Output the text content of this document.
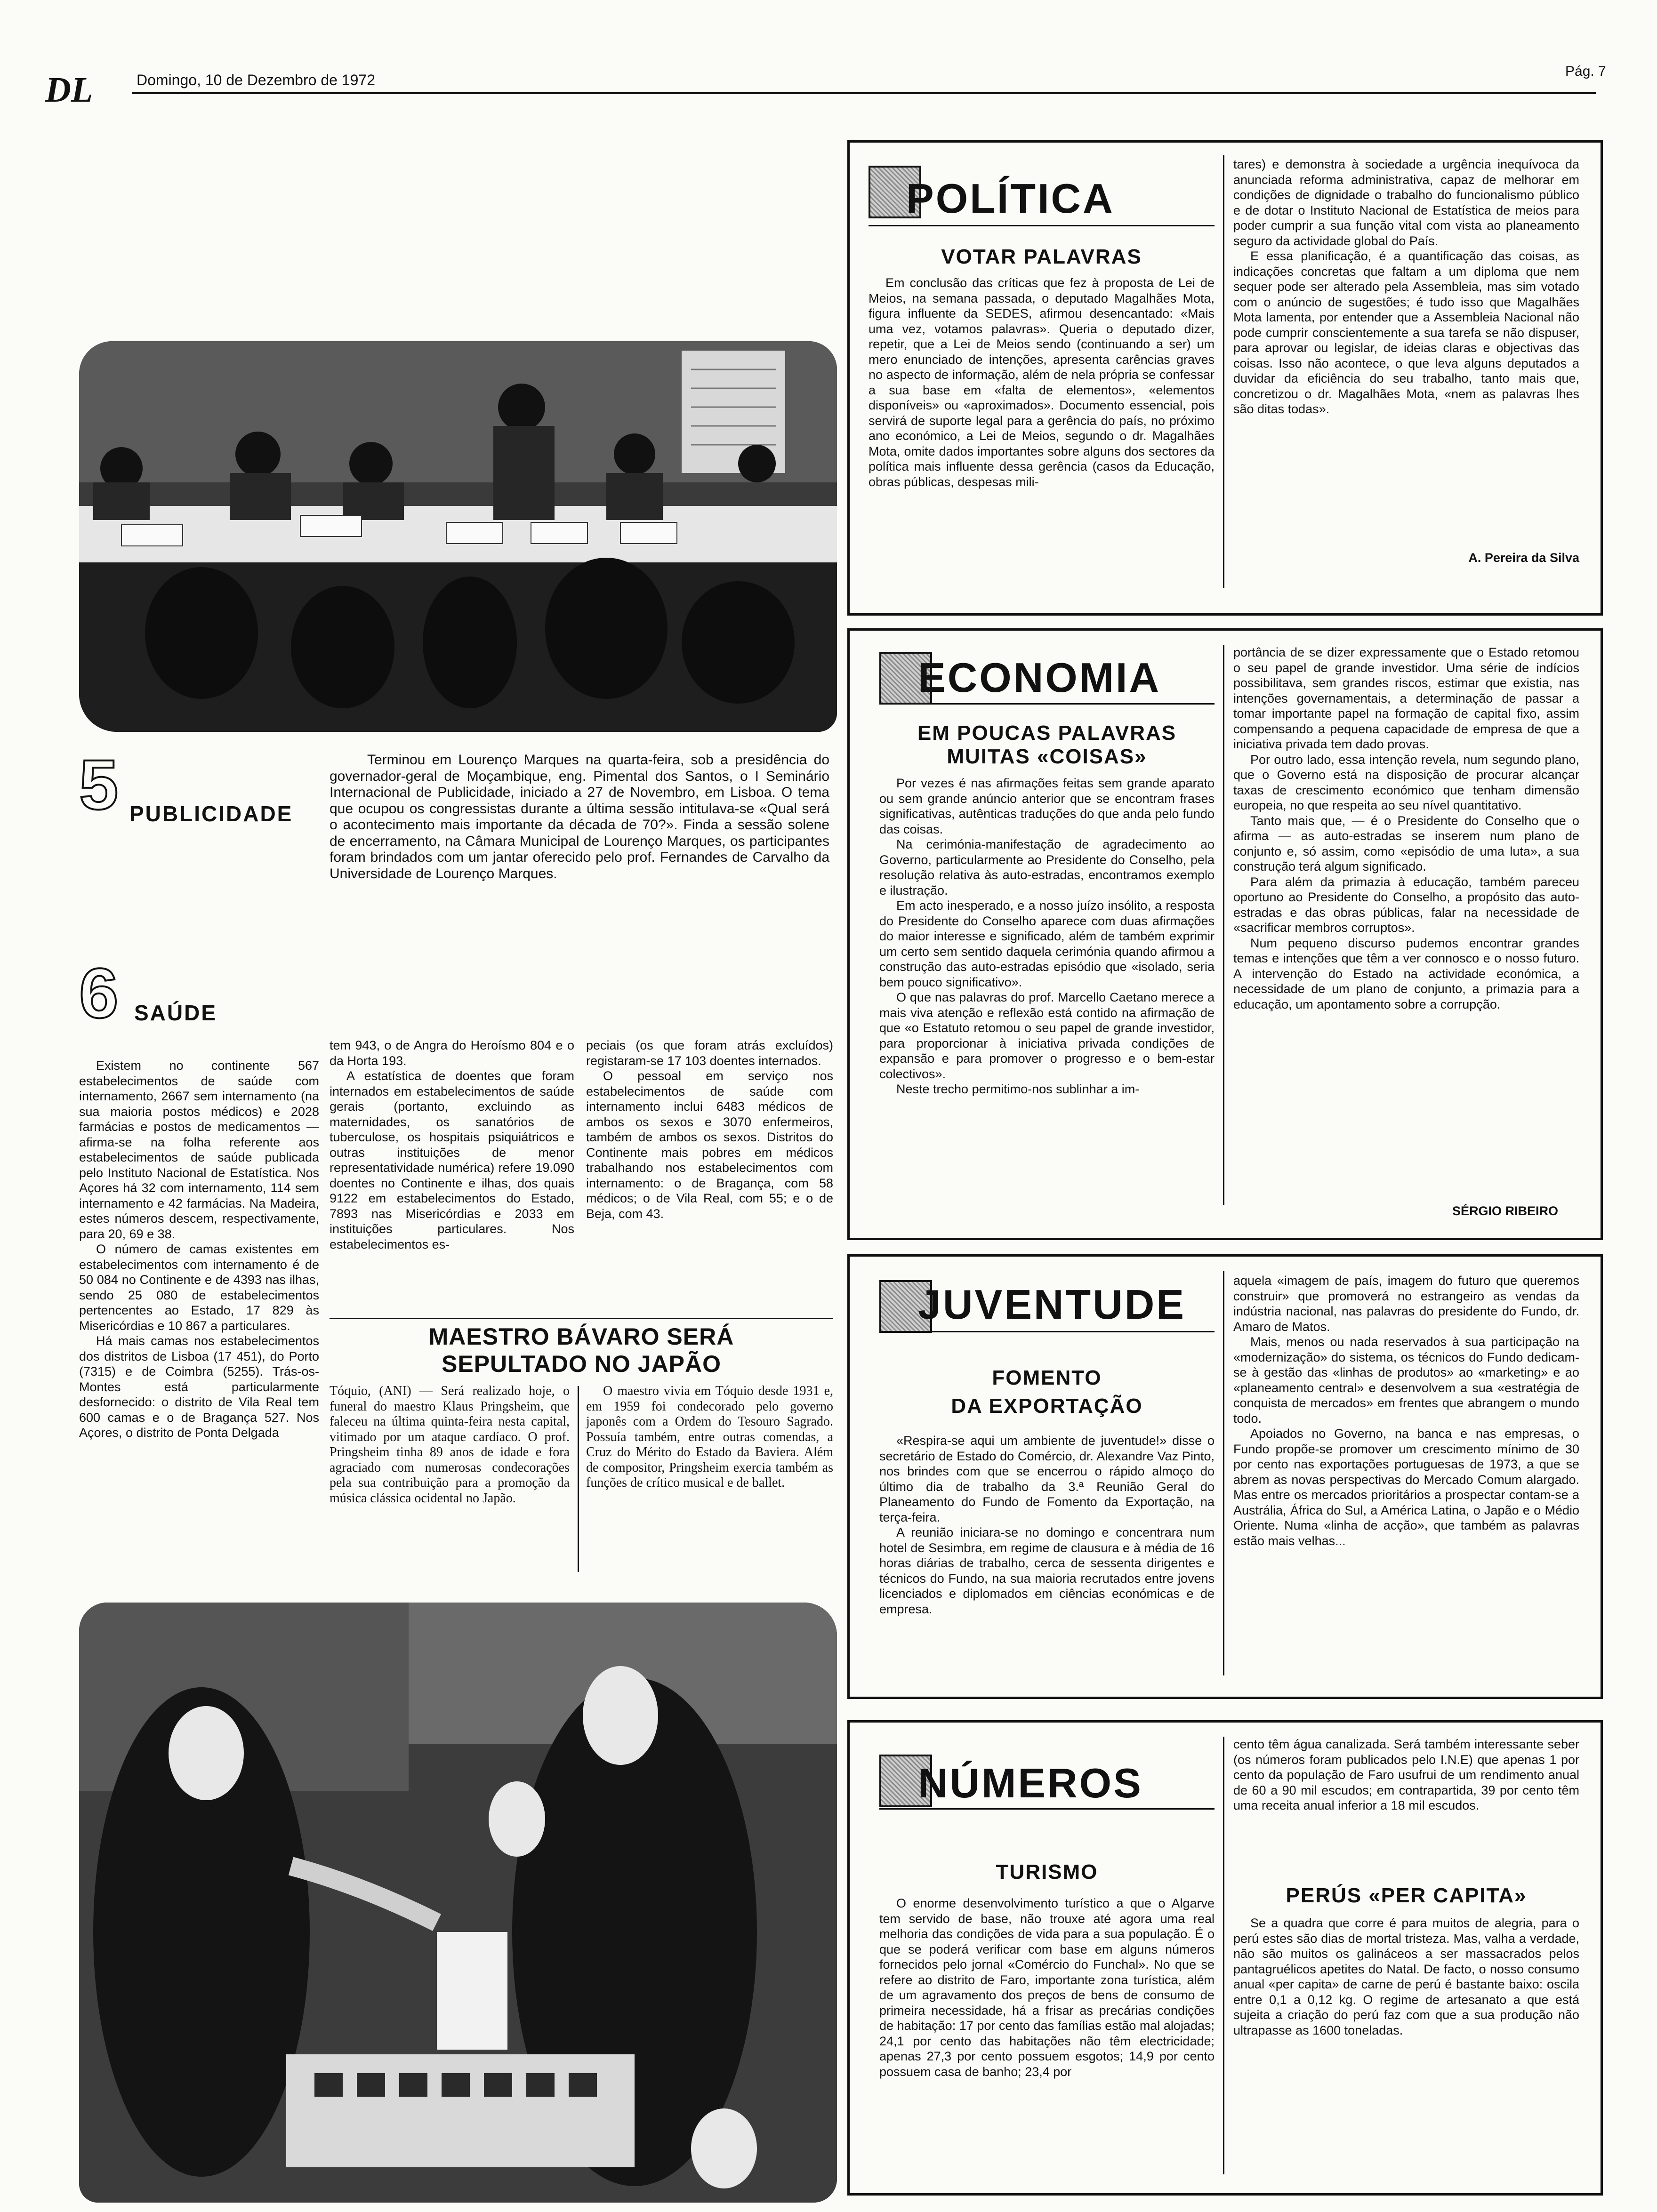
DL	Domingo, 10 de Dezembro de 1972
Pág. 7
5 PUBLICIDADE

Terminou em Lourenço Marques na quarta-feira, sob a presidência do governador-geral de Moçambique, eng. Pimental dos Santos, o I Seminário Internacional de Publicidade, iniciado a 27 de Novembro, em Lisboa. O tema que ocupou os congressistas durante a última sessão intitulava-se «Qual será o acontecimento mais importante da década de 70?». Finda a sessão solene de encerramento, na Câmara Municipal de Lourenço Marques, os participantes foram brindados com um jantar oferecido pelo prof. Fernandes de Carvalho da Universidade de Lourenço Marques.

6 SAÚDE

Existem no continente 567 estabelecimentos de saúde com internamento, 2667 sem internamento (na sua maioria postos médicos) e 2028 farmácias e postos de medicamentos — afirma-se na folha referente aos estabelecimentos de saúde publicada pelo Instituto Nacional de Estatística. Nos Açores há 32 com internamento, 114 sem internamento e 42 farmácias. Na Madeira, estes números descem, respectivamente, para 20, 69 e 38.

O número de camas existentes em estabelecimentos com internamento é de 50 084 no Continente e de 4393 nas ilhas, sendo 25 080 de estabelecimentos pertencentes ao Estado, 17 829 às Misericórdias e 10 867 a particulares.

Há mais camas nos estabelecimentos dos distritos de Lisboa (17 451), do Porto (7315) e de Coimbra (5255). Trás-os-Montes está particularmente desfornecido: o distrito de Vila Real tem 600 camas e o de Bragança 527. Nos Açores, o distrito de Ponta Delgada

tem 943, o de Angra do Heroísmo 804 e o da Horta 193.

A estatística de doentes que foram internados em estabelecimentos de saúde gerais (portanto, excluindo as maternidades, os sanatórios de tuberculose, os hospitais psiquiátricos e outras instituições de menor representatividade numérica) refere 19.090 doentes no Continente e ilhas, dos quais 9122 em estabelecimentos do Estado, 7893 nas Misericórdias e 2033 em instituições particulares. Nos estabelecimentos es-

peciais (os que foram atrás excluídos) registaram-se 17 103 doentes internados.

O pessoal em serviço nos estabelecimentos de saúde com internamento inclui 6483 médicos de ambos os sexos e 3070 enfermeiros, também de ambos os sexos. Distritos do Continente mais pobres em médicos trabalhando nos estabelecimentos com internamento: o de Bragança, com 58 médicos; o de Vila Real, com 55; e o de Beja, com 43.

MAESTRO BÁVARO SERÁ
SEPULTADO NO JAPÃO

Tóquio, (ANI) — Será realizado hoje, o funeral do maestro Klaus Pringsheim, que faleceu na última quinta-feira nesta capital, vitimado por um ataque cardíaco. O prof. Pringsheim tinha 89 anos de idade e fora agraciado com numerosas condecorações pela sua contribuição para a promoção da música clássica ocidental no Japão.

O maestro vivia em Tóquio desde 1931 e, em 1959 foi condecorado pelo governo japonês com a Ordem do Tesouro Sagrado. Possuía também, entre outras comendas, a Cruz do Mérito do Estado da Baviera. Além de compositor, Pringsheim exercia também as funções de crítico musical e de ballet.

POLÍTICA
VOTAR PALAVRAS

Em conclusão das críticas que fez à proposta de Lei de Meios, na semana passada, o deputado Magalhães Mota, figura influente da SEDES, afirmou desencantado: «Mais uma vez, votamos palavras». Queria o deputado dizer, repetir, que a Lei de Meios sendo (continuando a ser) um mero enunciado de intenções, apresenta carências graves no aspecto de informação, além de nela própria se confessar a sua base em «falta de elementos», «elementos disponíveis» ou «aproximados». Documento essencial, pois servirá de suporte legal para a gerência do país, no próximo ano económico, a Lei de Meios, segundo o dr. Magalhães Mota, omite dados importantes sobre alguns dos sectores da política mais influente dessa gerência (casos da Educação, obras públicas, despesas mili-

tares) e demonstra à sociedade a urgência inequívoca da anunciada reforma administrativa, capaz de melhorar em condições de dignidade o trabalho do funcionalismo público e de dotar o Instituto Nacional de Estatística de meios para poder cumprir a sua função vital com vista ao planeamento seguro da actividade global do País.

E essa planificação, é a quantificação das coisas, as indicações concretas que faltam a um diploma que nem sequer pode ser alterado pela Assembleia, mas sim votado com o anúncio de sugestões; é tudo isso que Magalhães Mota lamenta, por entender que a Assembleia Nacional não pode cumprir conscientemente a sua tarefa se não dispuser, para aprovar ou legislar, de ideias claras e objectivas das coisas. Isso não acontece, o que leva alguns deputados a duvidar da eficiência do seu trabalho, tanto mais que, concretizou o dr. Magalhães Mota, «nem as palavras lhes são ditas todas».

A. Pereira da Silva
ECONOMIA
EM POUCAS PALAVRAS
MUITAS «COISAS»

Por vezes é nas afirmações feitas sem grande aparato ou sem grande anúncio anterior que se encontram frases significativas, autênticas traduções do que anda pelo fundo das coisas.

Na cerimónia-manifestação de agradecimento ao Governo, particularmente ao Presidente do Conselho, pela resolução relativa às auto-estradas, encontramos exemplo e ilustração.

Em acto inesperado, e a nosso juízo insólito, a resposta do Presidente do Conselho aparece com duas afirmações do maior interesse e significado, além de também exprimir um certo sem sentido daquela cerimónia quando afirmou a construção das auto-estradas episódio que «isolado, seria bem pouco significativo».

O que nas palavras do prof. Marcello Caetano merece a mais viva atenção e reflexão está contido na afirmação de que «o Estatuto retomou o seu papel de grande investidor, para proporcionar à iniciativa privada condições de expansão e para promover o progresso e o bem-estar colectivos».

Neste trecho permitimo-nos sublinhar a im-

portância de se dizer expressamente que o Estado retomou o seu papel de grande investidor. Uma série de indícios possibilitava, sem grandes riscos, estimar que existia, nas intenções governamentais, a determinação de passar a tomar importante papel na formação de capital fixo, assim compensando a pequena capacidade de empresa de que a iniciativa privada tem dado provas.

Por outro lado, essa intenção revela, num segundo plano, que o Governo está na disposição de procurar alcançar taxas de crescimento económico que tenham dimensão europeia, no que respeita ao seu nível quantitativo.

Tanto mais que, — é o Presidente do Conselho que o afirma — as auto-estradas se inserem num plano de conjunto e, só assim, como «episódio de uma luta», a sua construção terá algum significado.

Para além da primazia à educação, também pareceu oportuno ao Presidente do Conselho, a propósito das auto-estradas e das obras públicas, falar na necessidade de «sacrificar membros corruptos».

Num pequeno discurso pudemos encontrar grandes temas e intenções que têm a ver connosco e o nosso futuro. A intervenção do Estado na actividade económica, a necessidade de um plano de conjunto, a primazia para a educação, um apontamento sobre a corrupção.

SÉRGIO RIBEIRO
JUVENTUDE
FOMENTO
DA EXPORTAÇÃO

«Respira-se aqui um ambiente de juventude!» disse o secretário de Estado do Comércio, dr. Alexandre Vaz Pinto, nos brindes com que se encerrou o rápido almoço do último dia de trabalho da 3.ª Reunião Geral do Planeamento do Fundo de Fomento da Exportação, na terça-feira.

A reunião iniciara-se no domingo e concentrara num hotel de Sesimbra, em regime de clausura e à média de 16 horas diárias de trabalho, cerca de sessenta dirigentes e técnicos do Fundo, na sua maioria recrutados entre jovens licenciados e diplomados em ciências económicas e de empresa.

aquela «imagem de país, imagem do futuro que queremos construir» que promoverá no estrangeiro as vendas da indústria nacional, nas palavras do presidente do Fundo, dr. Amaro de Matos.

Mais, menos ou nada reservados à sua participação na «modernização» do sistema, os técnicos do Fundo dedicam-se à gestão das «linhas de produtos» ao «marketing» e ao «planeamento central» e desenvolvem a sua «estratégia de conquista de mercados» em frentes que abrangem o mundo todo.

Apoiados no Governo, na banca e nas empresas, o Fundo propõe-se promover um crescimento mínimo de 30 por cento nas exportações portuguesas de 1973, a que se abrem as novas perspectivas do Mercado Comum alargado. Mas entre os mercados prioritários a prospectar contam-se a Austrália, África do Sul, a América Latina, o Japão e o Médio Oriente. Numa «linha de acção», que também as palavras estão mais velhas...

NÚMEROS
TURISMO

O enorme desenvolvimento turístico a que o Algarve tem servido de base, não trouxe até agora uma real melhoria das condições de vida para a sua população. É o que se poderá verificar com base em alguns números fornecidos pelo jornal «Comércio do Funchal». No que se refere ao distrito de Faro, importante zona turística, além de um agravamento dos preços de bens de consumo de primeira necessidade, há a frisar as precárias condições de habitação: 17 por cento das famílias estão mal alojadas; 24,1 por cento das habitações não têm electricidade; apenas 27,3 por cento possuem esgotos; 14,9 por cento possuem casa de banho; 23,4 por

cento têm água canalizada. Será também interessante seber (os números foram publicados pelo I.N.E) que apenas 1 por cento da população de Faro usufrui de um rendimento anual de 60 a 90 mil escudos; em contrapartida, 39 por cento têm uma receita anual inferior a 18 mil escudos.

PERÚS «PER CAPITA»

Se a quadra que corre é para muitos de alegria, para o perú estes são dias de mortal tristeza. Mas, valha a verdade, não são muitos os galináceos a ser massacrados pelos pantagruélicos apetites do Natal. De facto, o nosso consumo anual «per capita» de carne de perú é bastante baixo: oscila entre 0,1 a 0,12 kg. O regime de artesanato a que está sujeita a criação do perú faz com que a sua produção não ultrapasse as 1600 toneladas.
